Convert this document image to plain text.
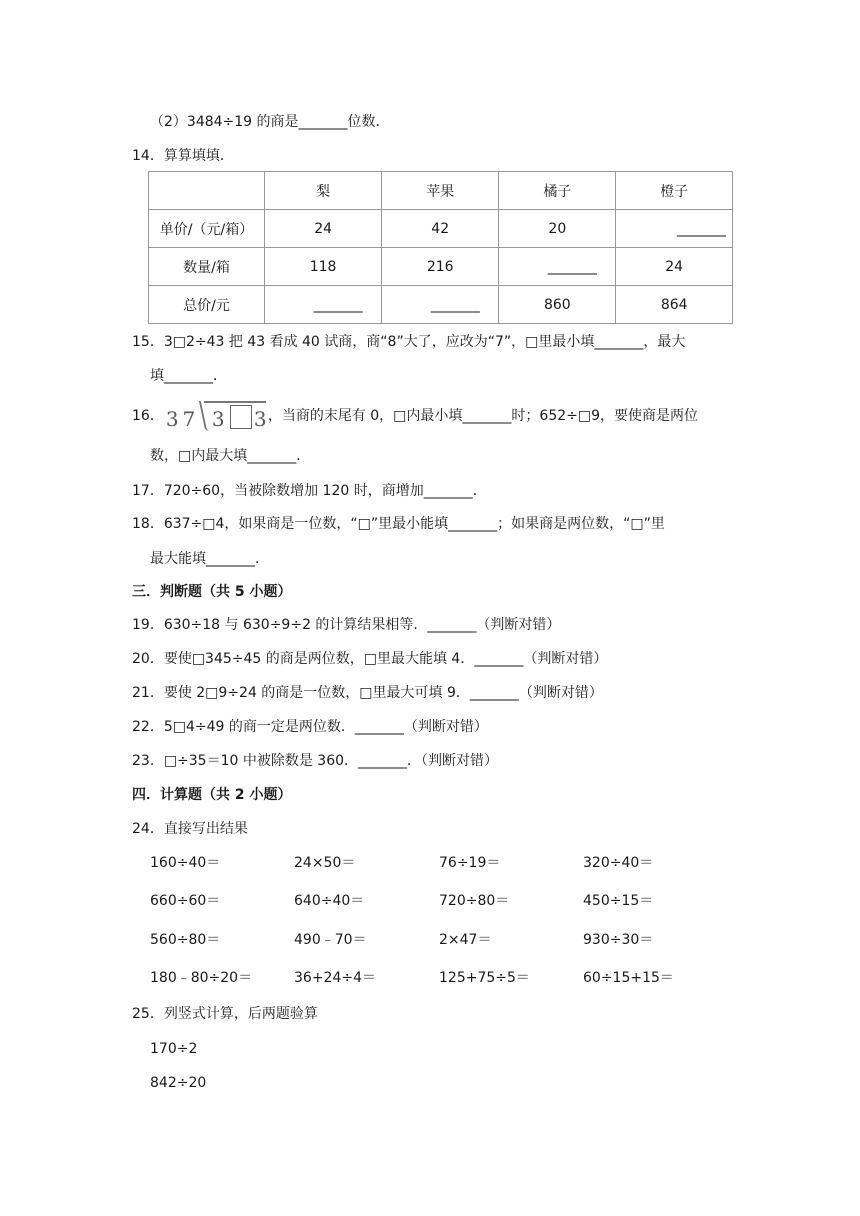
（2）3484÷19 的商是_______位数．
14．算算填填．
	梨	苹果	橘子	橙子
单价/（元/箱）	24	42	20	_______
数量/箱	118	216	_______	24
总价/元	_______	_______	860	864
15．3□2÷43 把 43 看成 40 试商，商“8”大了，应改为“7”，□里最小填_______，最大
填_______．
16． 37 3 3 ，当商的末尾有 0，□内最小填_______时；652÷□9，要使商是两位
数，□内最大填_______．
17．720÷60，当被除数增加 120 时，商增加_______．
18．637÷□4，如果商是一位数，“□”里最小能填_______；如果商是两位数，“□”里
最大能填_______．
三．判断题（共 5 小题）
19．630÷18 与 630÷9÷2 的计算结果相等．_______（判断对错）
20．要使□345÷45 的商是两位数，□里最大能填 4．_______（判断对错）
21．要使 2□9÷24 的商是一位数，□里最大可填 9．_______（判断对错）
22．5□4÷49 的商一定是两位数．_______（判断对错）
23．□÷35＝10 中被除数是 360．_______．（判断对错）
四．计算题（共 2 小题）
24．直接写出结果
160÷40＝	24×50＝	76÷19＝	320÷40＝
660÷60＝	640÷40＝	720÷80＝	450÷15＝
560÷80＝	490﹣70＝	2×47＝	930÷30＝
180﹣80÷20＝	36+24÷4＝	125+75÷5＝	60÷15+15＝
25．列竖式计算，后两题验算
170÷2
842÷20
